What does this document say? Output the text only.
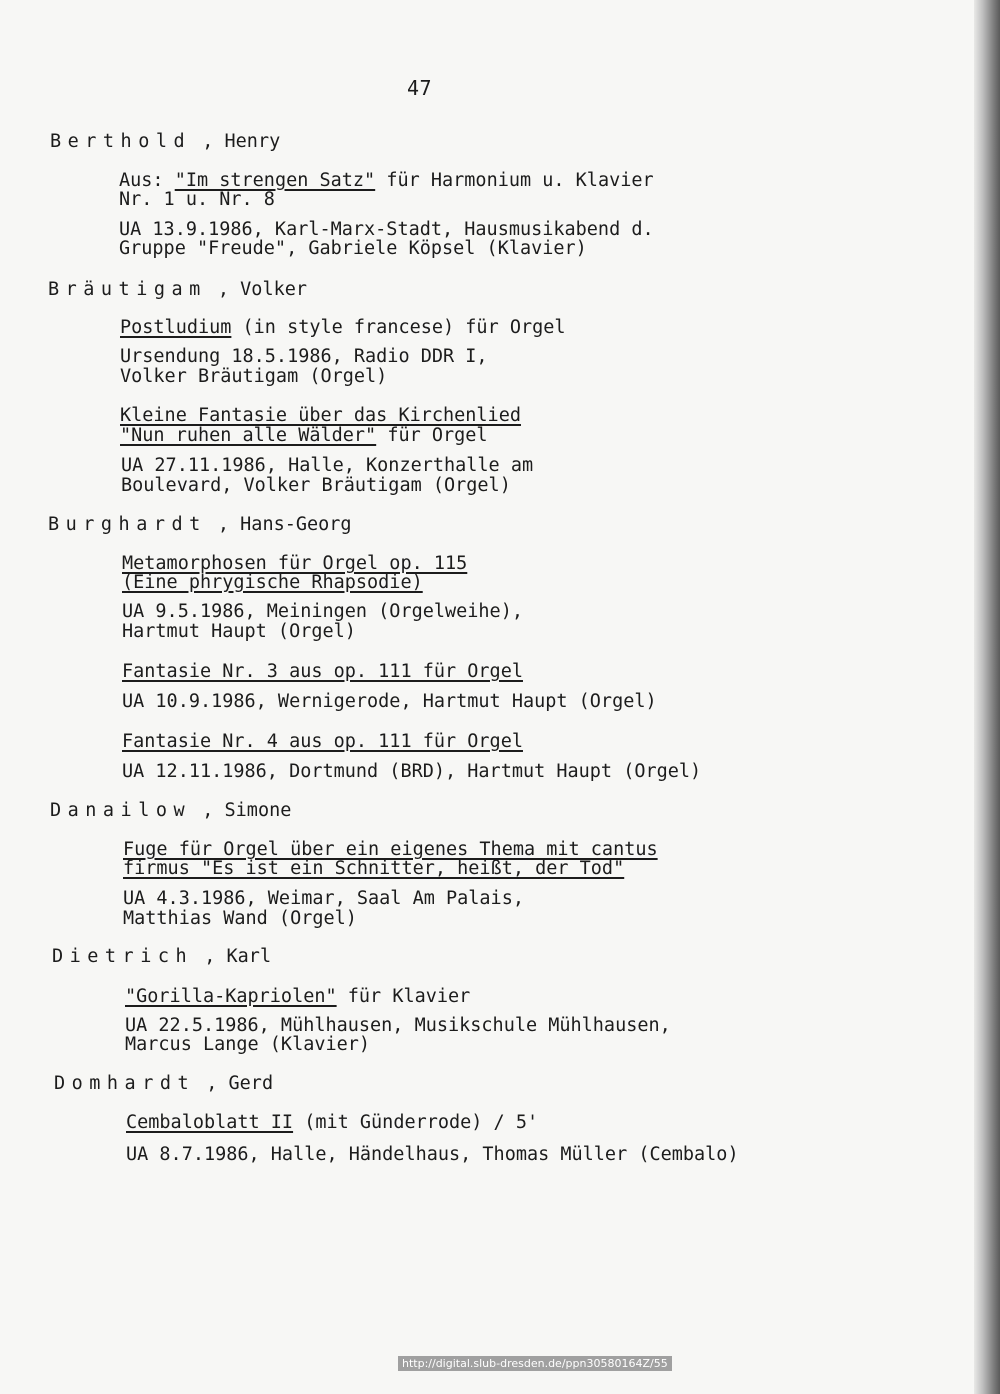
47
Berthold , Henry
Aus: "Im strengen Satz" für Harmonium u. Klavier
Nr. 1 u. Nr. 8
UA 13.9.1986, Karl-Marx-Stadt, Hausmusikabend d.
Gruppe "Freude", Gabriele Köpsel (Klavier)
Bräutigam , Volker
Postludium (in style francese) für Orgel
Ursendung 18.5.1986, Radio DDR I,
Volker Bräutigam (Orgel)
Kleine Fantasie über das Kirchenlied
"Nun ruhen alle Wälder" für Orgel
UA 27.11.1986, Halle, Konzerthalle am
Boulevard, Volker Bräutigam (Orgel)
Burghardt , Hans-Georg
Metamorphosen für Orgel op. 115
(Eine phrygische Rhapsodie)
UA 9.5.1986, Meiningen (Orgelweihe),
Hartmut Haupt (Orgel)
Fantasie Nr. 3 aus op. 111 für Orgel
UA 10.9.1986, Wernigerode, Hartmut Haupt (Orgel)
Fantasie Nr. 4 aus op. 111 für Orgel
UA 12.11.1986, Dortmund (BRD), Hartmut Haupt (Orgel)
Danailow , Simone
Fuge für Orgel über ein eigenes Thema mit cantus
firmus "Es ist ein Schnitter, heißt, der Tod"
UA 4.3.1986, Weimar, Saal Am Palais,
Matthias Wand (Orgel)
Dietrich , Karl
"Gorilla-Kapriolen" für Klavier
UA 22.5.1986, Mühlhausen, Musikschule Mühlhausen,
Marcus Lange (Klavier)
Domhardt , Gerd
Cembaloblatt II (mit Günderrode) / 5'
UA 8.7.1986, Halle, Händelhaus, Thomas Müller (Cembalo)
http://digital.slub-dresden.de/ppn30580164Z/55
